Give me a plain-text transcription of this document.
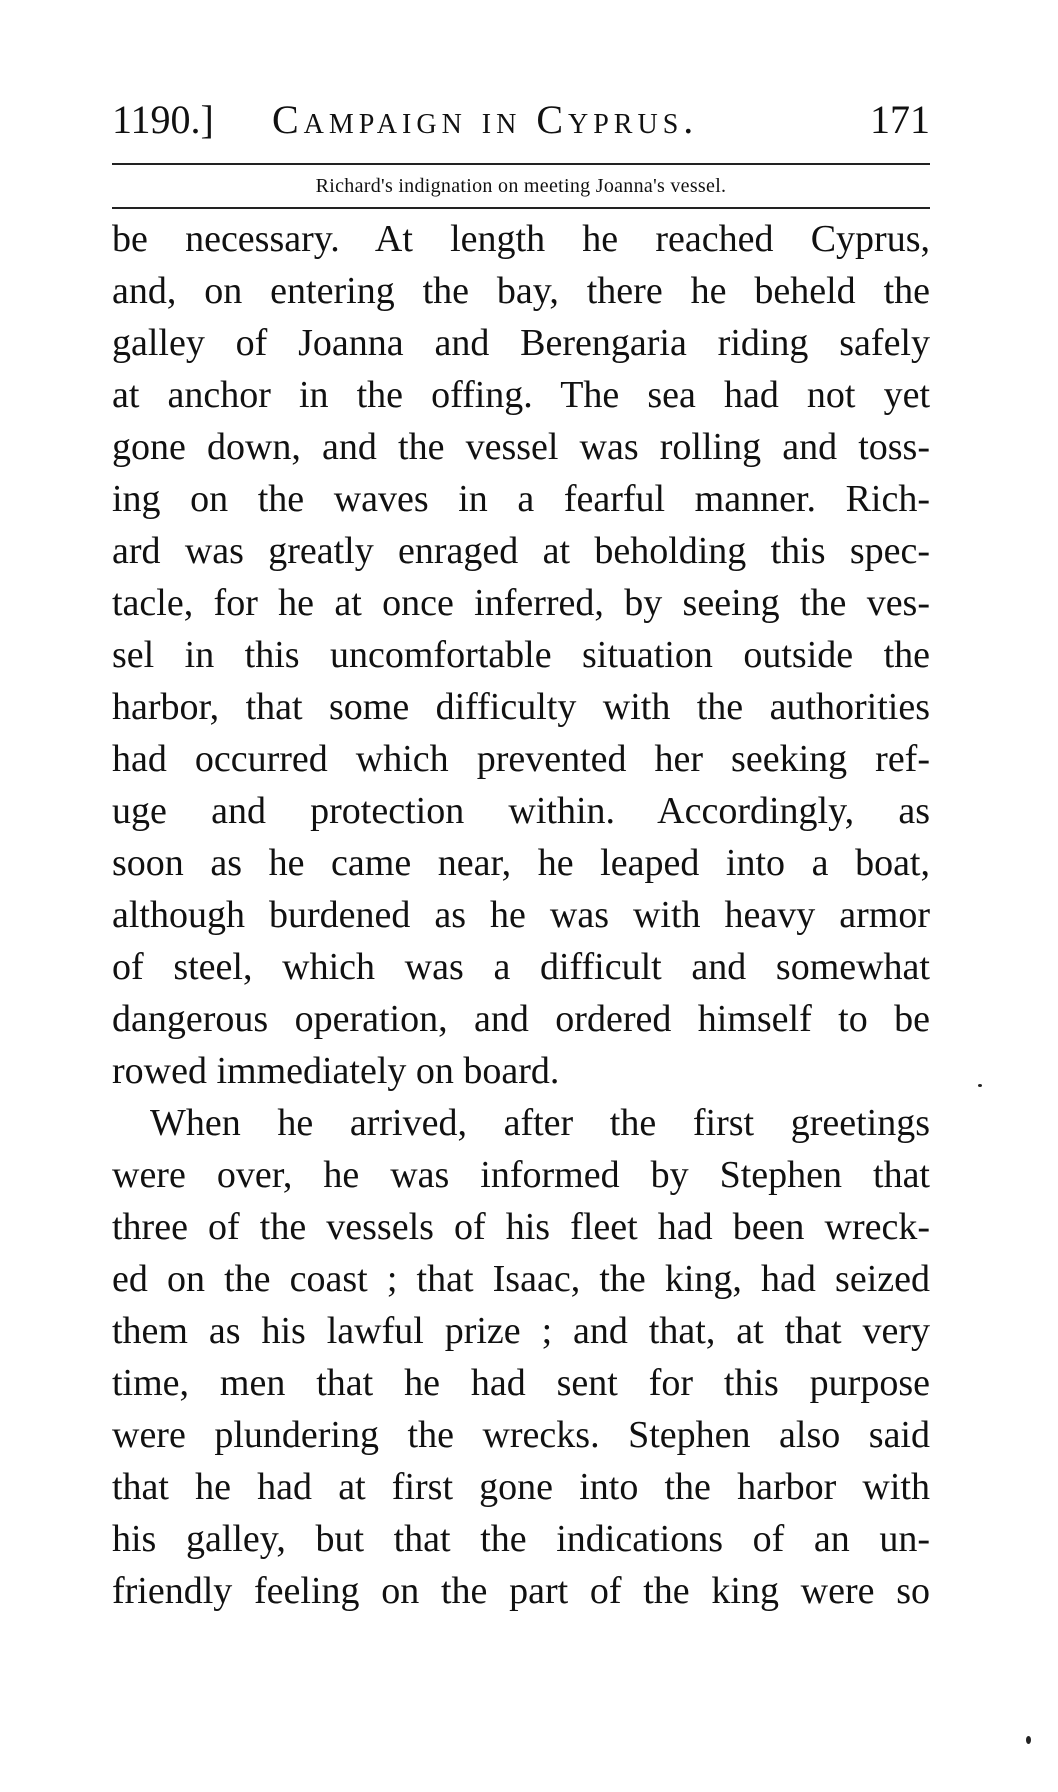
1190.] Campaign in Cyprus.	171
Richard's indignation on meeting Joanna's vessel.
be necessary. At length he reached Cyprus,
and, on entering the bay, there he beheld the
galley of Joanna and Berengaria riding safely
at anchor in the offing. The sea had not yet
gone down, and the vessel was rolling and toss-
ing on the waves in a fearful manner. Rich-
ard was greatly enraged at beholding this spec-
tacle, for he at once inferred, by seeing the ves-
sel in this uncomfortable situation outside the
harbor, that some difficulty with the authorities
had occurred which prevented her seeking ref-
uge and protection within. Accordingly, as
soon as he came near, he leaped into a boat,
although burdened as he was with heavy armor
of steel, which was a difficult and somewhat
dangerous operation, and ordered himself to be
rowed immediately on board.
When he arrived, after the first greetings
were over, he was informed by Stephen that
three of the vessels of his fleet had been wreck-
ed on the coast ; that Isaac, the king, had seized
them as his lawful prize ; and that, at that very
time, men that he had sent for this purpose
were plundering the wrecks. Stephen also said
that he had at first gone into the harbor with
his galley, but that the indications of an un-
friendly feeling on the part of the king were so
